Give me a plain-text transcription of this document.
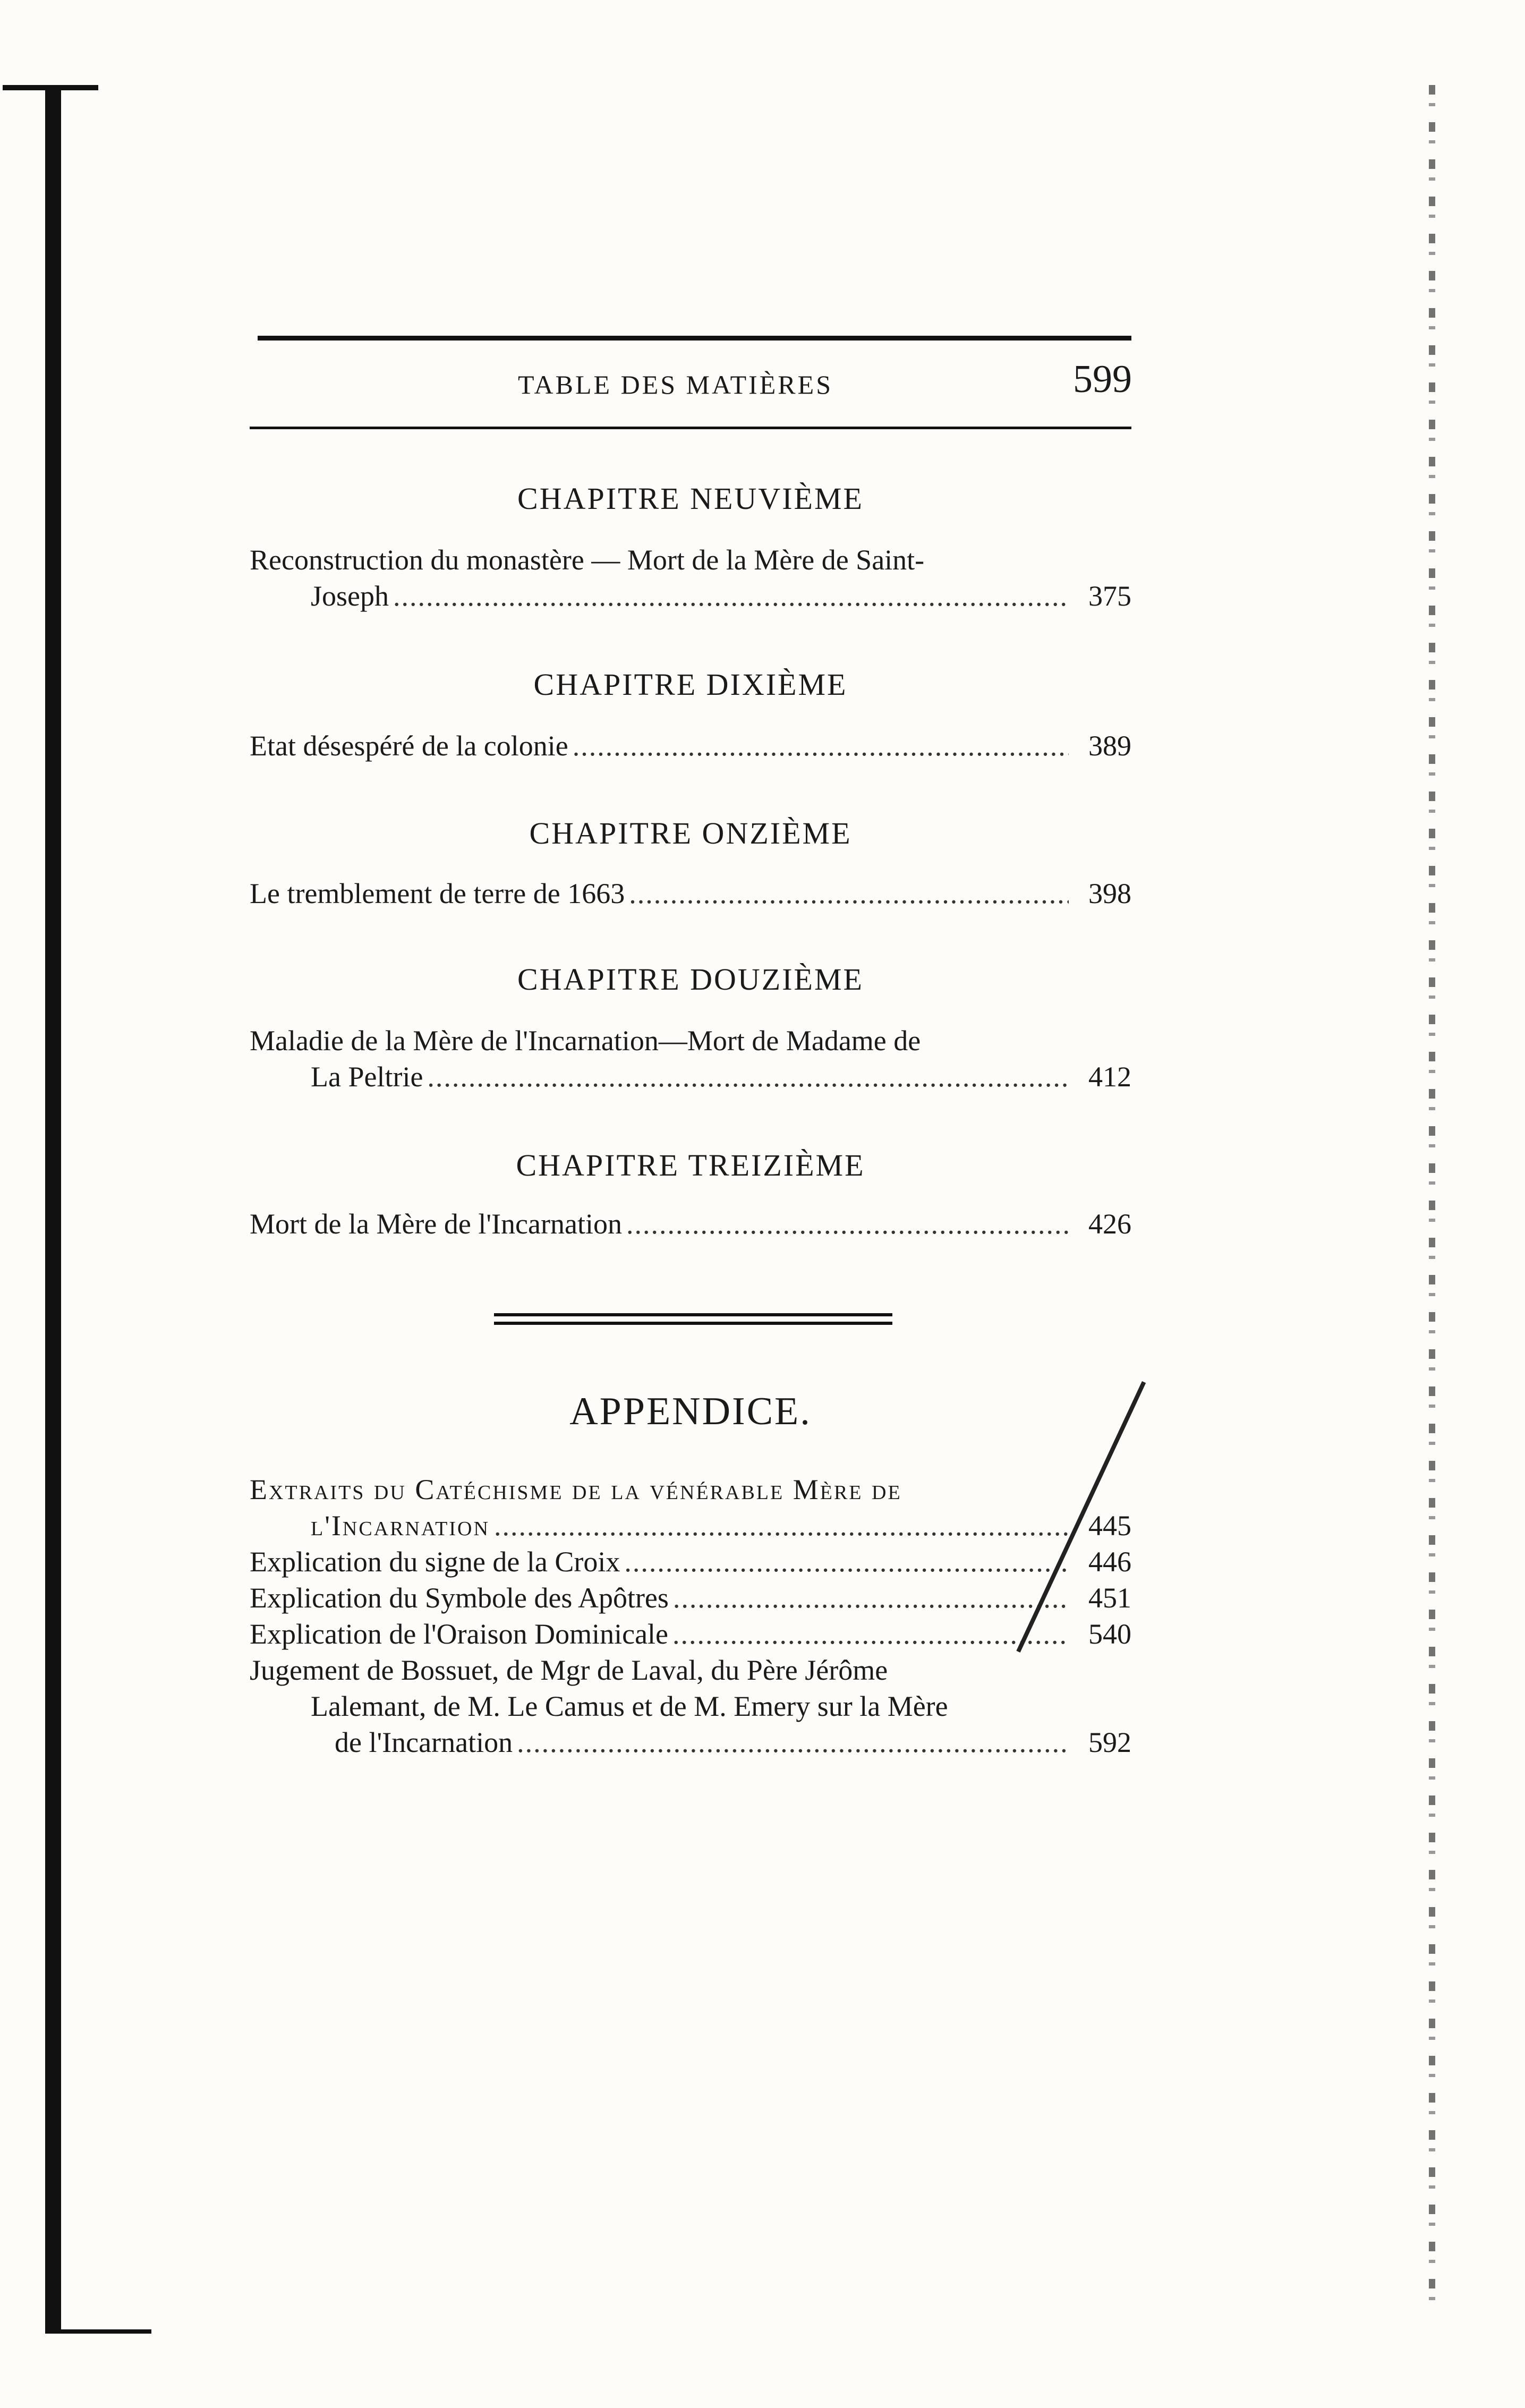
TABLE DES MATIÈRES	599
CHAPITRE NEUVIÈME
Reconstruction du monastère — Mort de la Mère de Saint-
Joseph .....	375
CHAPITRE DIXIÈME
Etat désespéré de la colonie .....	389
CHAPITRE ONZIÈME
Le tremblement de terre de 1663 .....	398
CHAPITRE DOUZIÈME
Maladie de la Mère de l'Incarnation—Mort de Madame de
La Peltrie .....	412
CHAPITRE TREIZIÈME
Mort de la Mère de l'Incarnation .....	426
APPENDICE.
Extraits du Catéchisme de la vénérable Mère de
l'Incarnation .....	445
Explication du signe de la Croix .....	446
Explication du Symbole des Apôtres .....	451
Explication de l'Oraison Dominicale .....	540
Jugement de Bossuet, de Mgr de Laval, du Père Jérôme
Lalemant, de M. Le Camus et de M. Emery sur la Mère
de l'Incarnation .....	592
